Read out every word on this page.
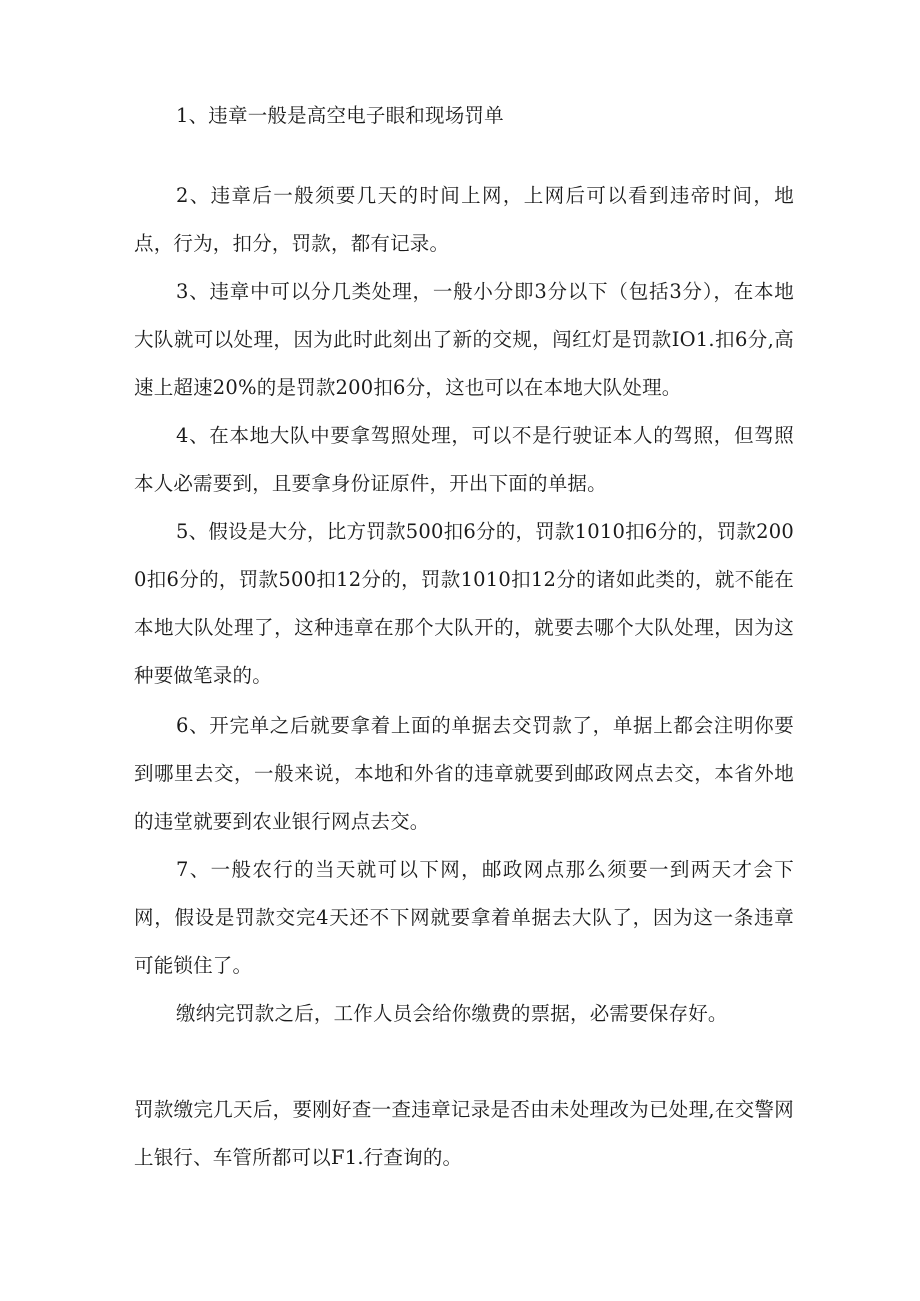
1、违章一般是高空电子眼和现场罚单

2、违章后一般须要几天的时间上网，上网后可以看到违帝时间，地点，行为，扣分，罚款，都有记录。

3、违章中可以分几类处理，一般小分即3分以下（包括3分），在本地大队就可以处理，因为此时此刻出了新的交规，闯红灯是罚款IO1.扣6分,高速上超速20%的是罚款200扣6分，这也可以在本地大队处理。

4、在本地大队中要拿驾照处理，可以不是行驶证本人的驾照，但驾照本人必需要到，且要拿身份证原件，开出下面的单据。

5、假设是大分，比方罚款500扣6分的，罚款1010扣6分的，罚款2000扣6分的，罚款500扣12分的，罚款1010扣12分的诸如此类的，就不能在本地大队处理了，这种违章在那个大队开的，就要去哪个大队处理，因为这种要做笔录的。

6、开完单之后就要拿着上面的单据去交罚款了，单据上都会注明你要到哪里去交，一般来说，本地和外省的违章就要到邮政网点去交，本省外地的违堂就要到农业银行网点去交。

7、一般农行的当天就可以下网，邮政网点那么须要一到两天才会下网，假设是罚款交完4天还不下网就要拿着单据去大队了，因为这一条违章可能锁住了。

缴纳完罚款之后，工作人员会给你缴费的票据，必需要保存好。

罚款缴完几天后，要刚好查一查违章记录是否由未处理改为已处理,在交警网上银行、车管所都可以F1.行查询的。
